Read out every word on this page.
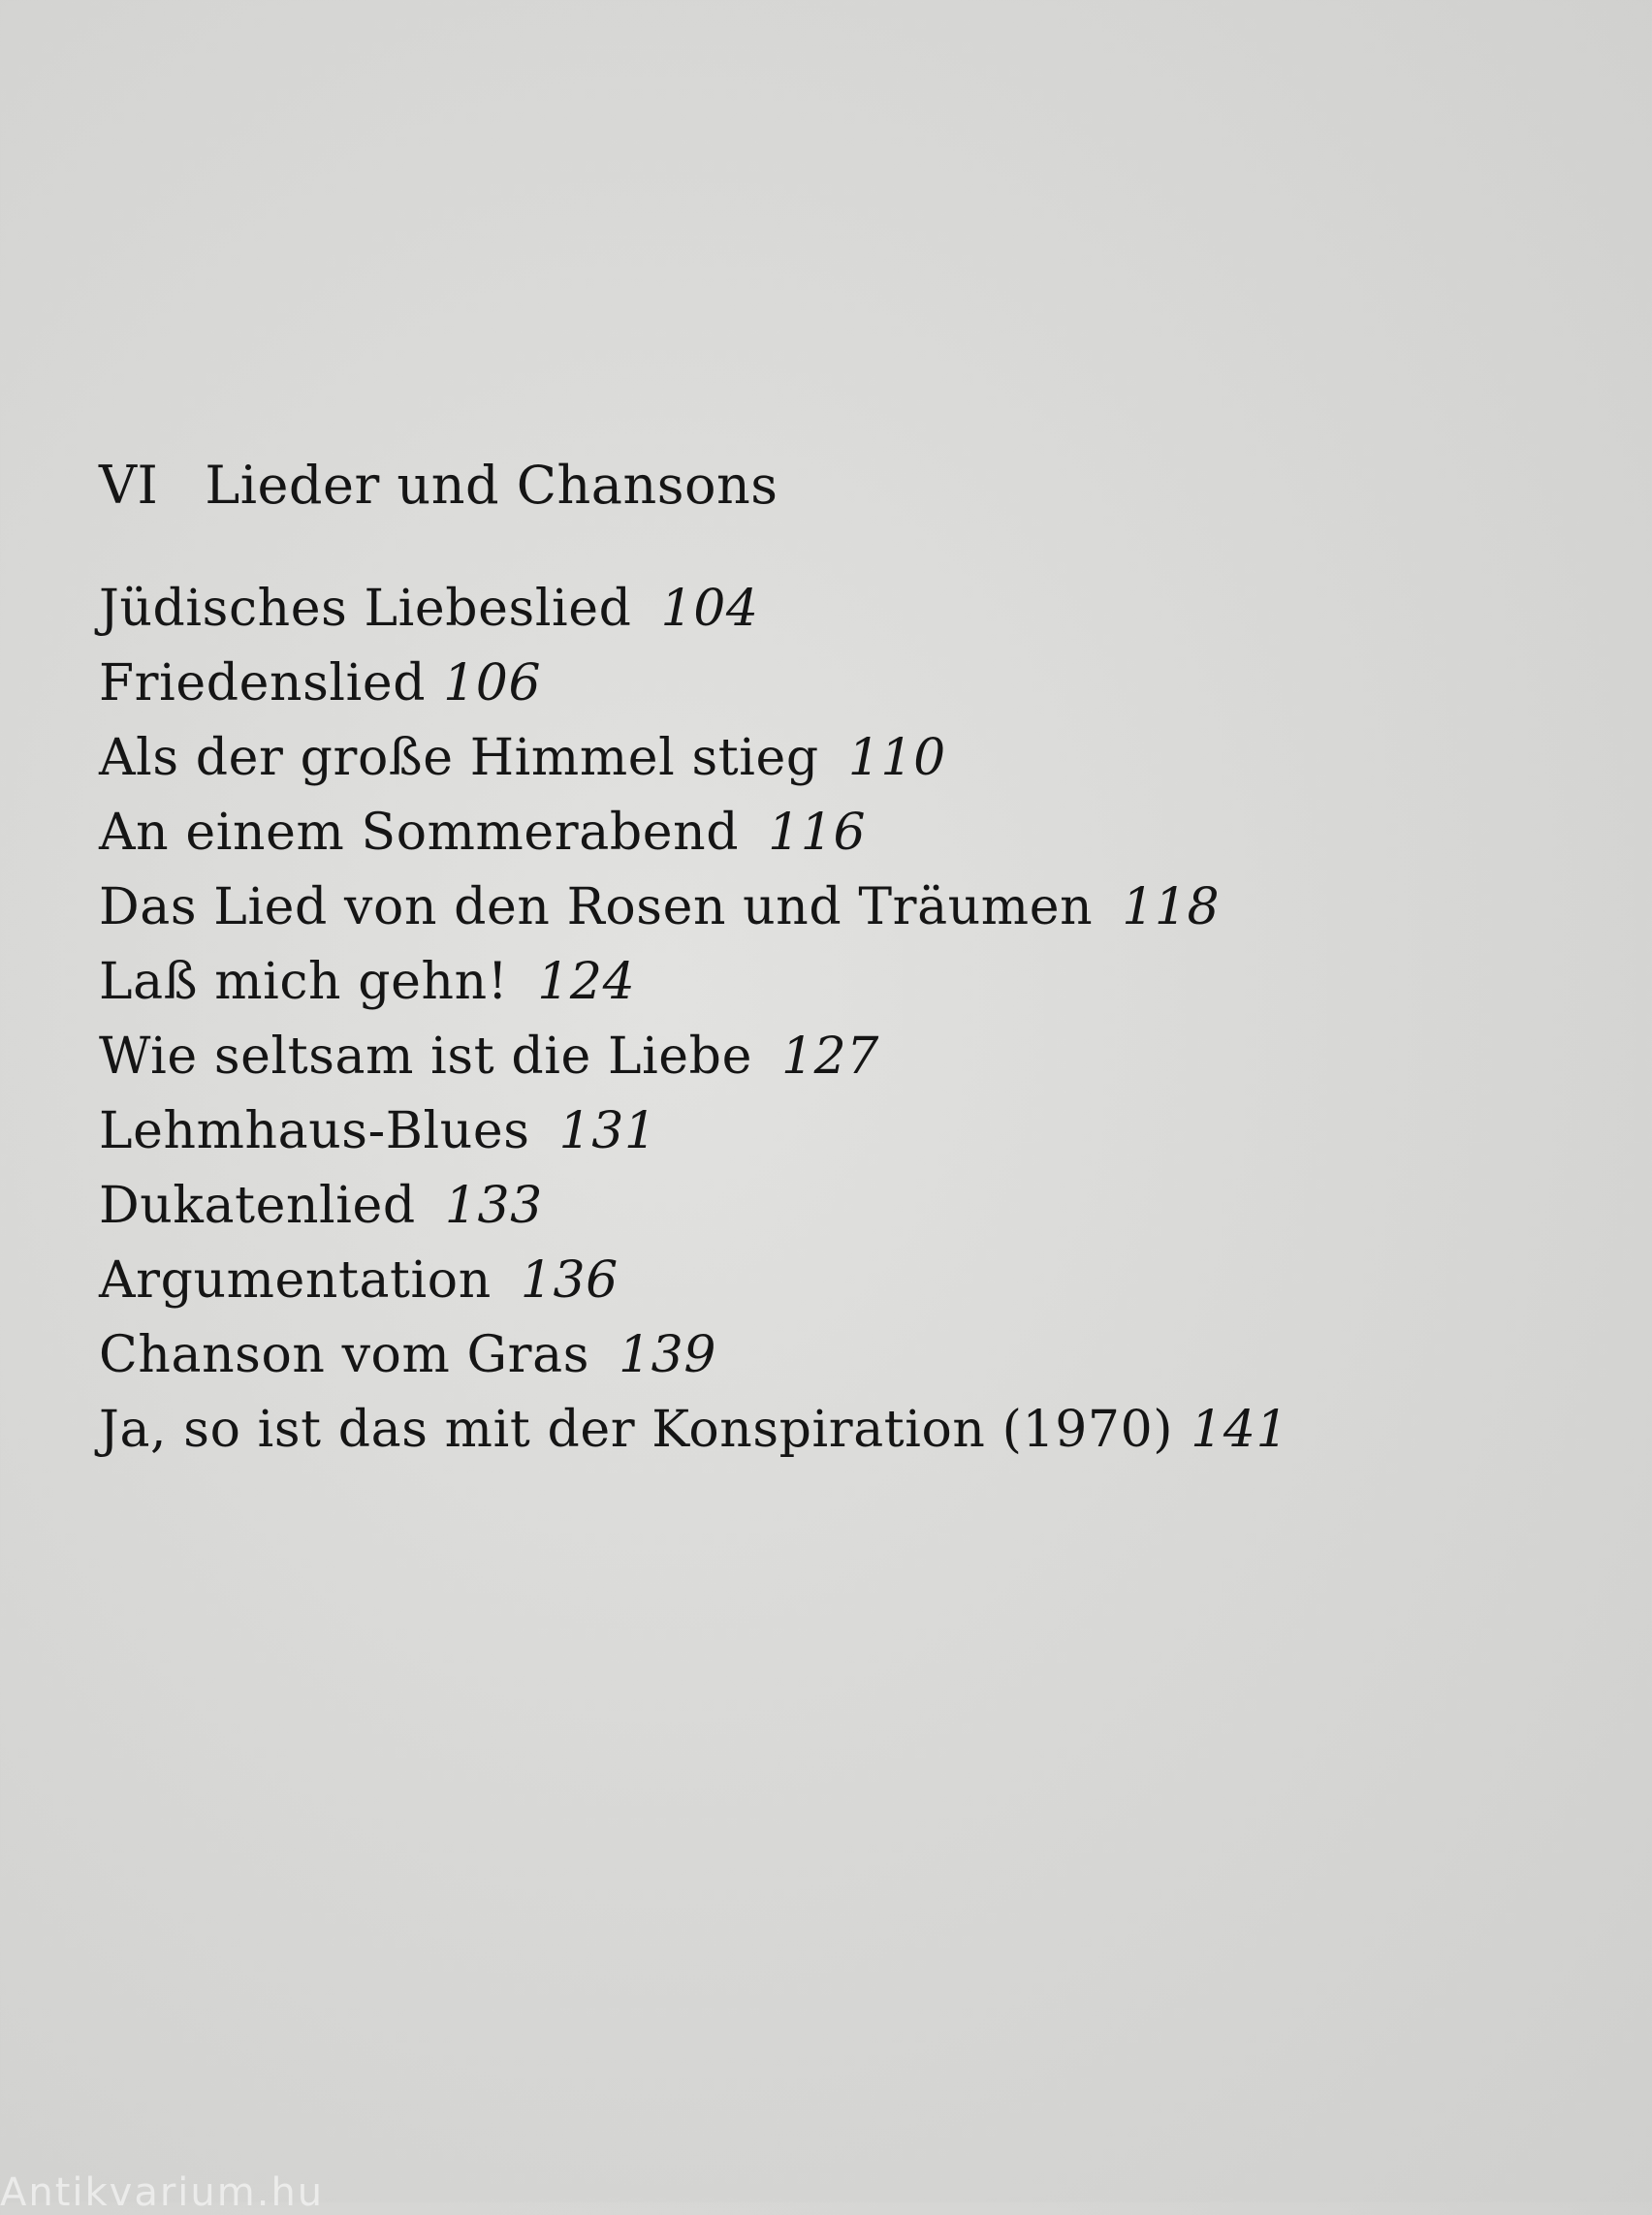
VI Lieder und Chansons
Jüdisches Liebeslied 104
Friedenslied 106
Als der große Himmel stieg 110
An einem Sommerabend 116
Das Lied von den Rosen und Träumen 118
Laß mich gehn! 124
Wie seltsam ist die Liebe 127
Lehmhaus-Blues 131
Dukatenlied 133
Argumentation 136
Chanson vom Gras 139
Ja, so ist das mit der Konspiration (1970) 141
Antikvarium.hu
